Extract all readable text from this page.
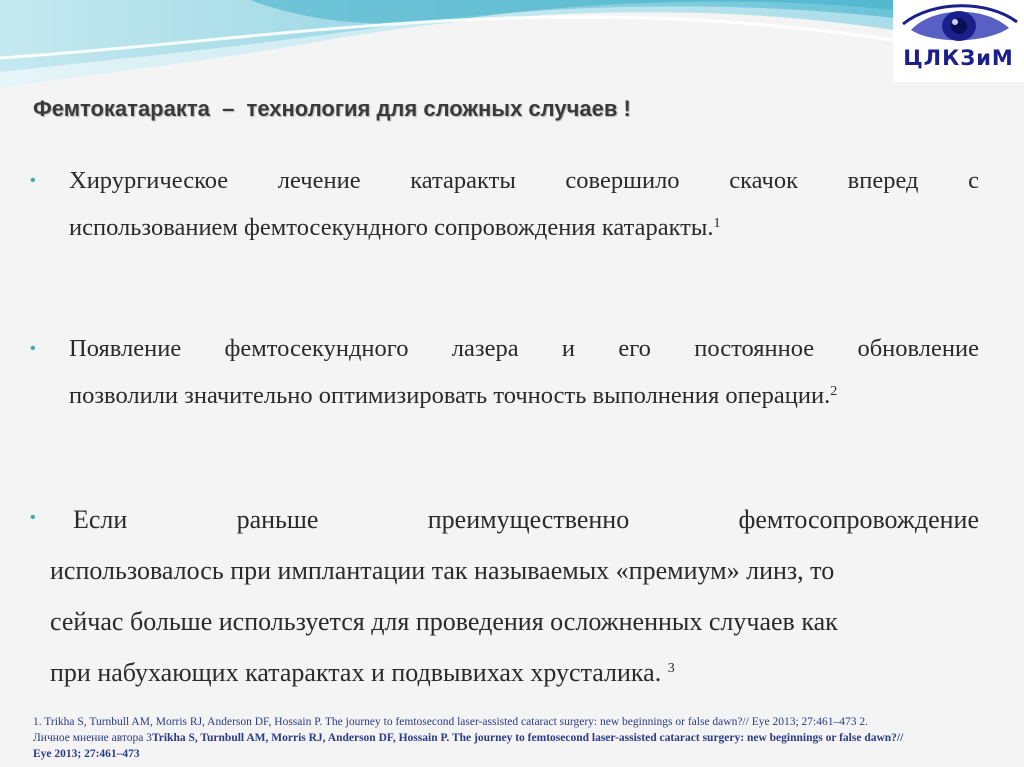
ЦЛКЗиМ
Фемтокатаракта  –  технология для сложных случаев !
• Хирургическое лечение катаракты совершило скачок вперед с
использованием фемтосекундного сопровождения катаракты.$^1$

• Появление фемтосекундного лазера и его постоянное обновление
позволили значительно оптимизировать точность выполнения операции.$^2$

•	Если раньше преимущественно фемтосопровождение
использовалось при имплантации так называемых «премиум» линз, то
сейчас больше используется для проведения осложненных случаев как
при набухающих катарактах и подвывихах хрусталика. $^3$

1. Trikha S, Turnbull AM, Morris RJ, Anderson DF, Hossain P. The journey to femtosecond laser-assisted cataract surgery: new beginnings or false dawn?// Eye 2013; 27:461–473 2.
Личное мнение автора 3Trikha S, Turnbull AM, Morris RJ, Anderson DF, Hossain P. The journey to femtosecond laser-assisted cataract surgery: new beginnings or false dawn?//
Eye 2013; 27:461–473
